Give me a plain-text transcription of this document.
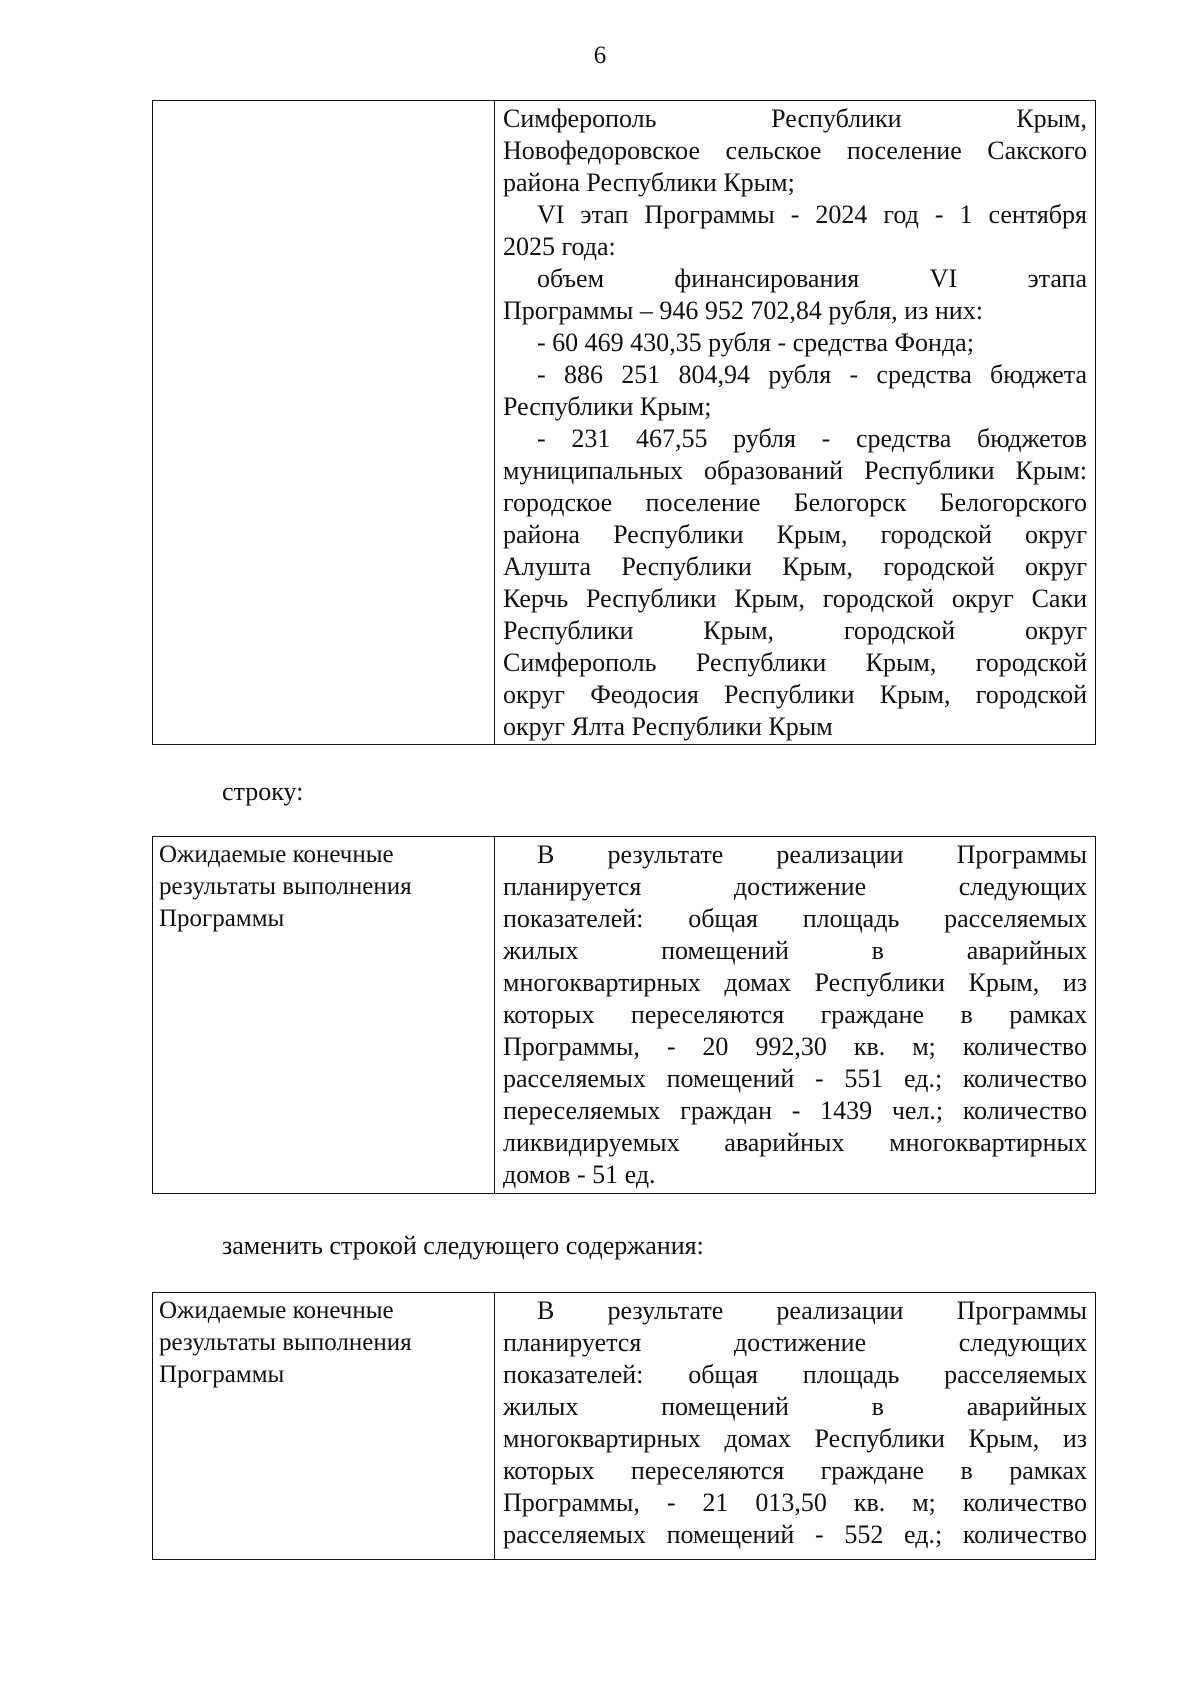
6
Симферополь Республики Крым,
Новофедоровское сельское поселение Сакского
района Республики Крым;
VI этап Программы - 2024 год - 1 сентября
2025 года:
объем финансирования VI этапа
Программы – 946 952 702,84 рубля, из них:
- 60 469 430,35 рубля - средства Фонда;
- 886 251 804,94 рубля - средства бюджета
Республики Крым;
- 231 467,55 рубля - средства бюджетов
муниципальных образований Республики Крым:
городское поселение Белогорск Белогорского
района Республики Крым, городской округ
Алушта Республики Крым, городской округ
Керчь Республики Крым, городской округ Саки
Республики Крым, городской округ
Симферополь Республики Крым, городской
округ Феодосия Республики Крым, городской
округ Ялта Республики Крым
строку:
Ожидаемые конечные
результаты выполнения
Программы
В результате реализации Программы
планируется достижение следующих
показателей: общая площадь расселяемых
жилых помещений в аварийных
многоквартирных домах Республики Крым, из
которых переселяются граждане в рамках
Программы, - 20 992,30 кв. м; количество
расселяемых помещений - 551 ед.; количество
переселяемых граждан - 1439 чел.; количество
ликвидируемых аварийных многоквартирных
домов - 51 ед.
заменить строкой следующего содержания:
Ожидаемые конечные
результаты выполнения
Программы
В результате реализации Программы
планируется достижение следующих
показателей: общая площадь расселяемых
жилых помещений в аварийных
многоквартирных домах Республики Крым, из
которых переселяются граждане в рамках
Программы, - 21 013,50 кв. м; количество
расселяемых помещений - 552 ед.; количество
